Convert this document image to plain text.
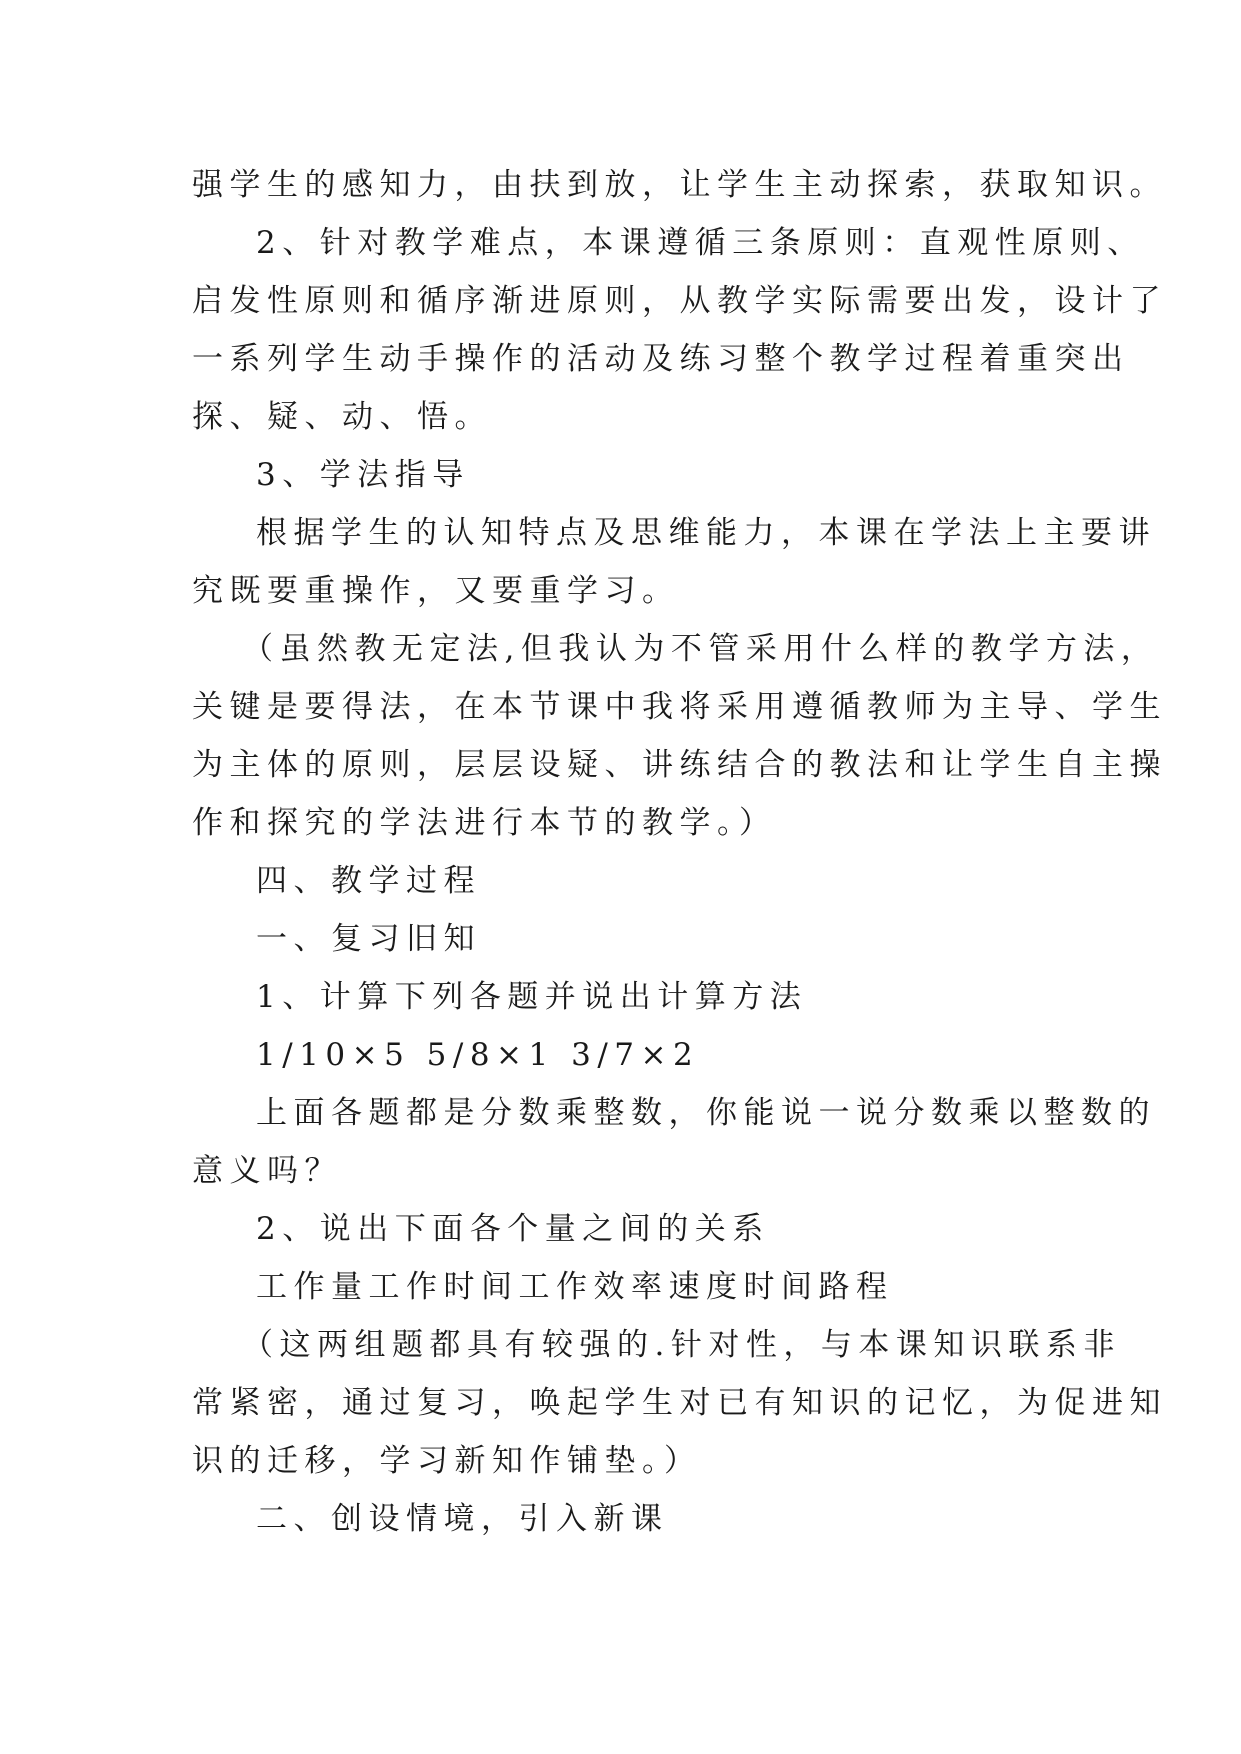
强学生的感知力，由扶到放，让学生主动探索，获取知识。
2、针对教学难点，本课遵循三条原则：直观性原则、
启发性原则和循序渐进原则，从教学实际需要出发，设计了
一系列学生动手操作的活动及练习整个教学过程着重突出
探、疑、动、悟。
3、学法指导
根据学生的认知特点及思维能力，本课在学法上主要讲
究既要重操作，又要重学习。
（虽然教无定法,但我认为不管采用什么样的教学方法，
关键是要得法，在本节课中我将采用遵循教师为主导、学生
为主体的原则，层层设疑、讲练结合的教法和让学生自主操
作和探究的学法进行本节的教学。）
四、教学过程
一、复习旧知
1、计算下列各题并说出计算方法
1/10×5 5/8×1 3/7×2
上面各题都是分数乘整数，你能说一说分数乘以整数的
意义吗？
2、说出下面各个量之间的关系
工作量工作时间工作效率速度时间路程
（这两组题都具有较强的.针对性，与本课知识联系非
常紧密，通过复习，唤起学生对已有知识的记忆，为促进知
识的迁移，学习新知作铺垫。）
二、创设情境，引入新课
